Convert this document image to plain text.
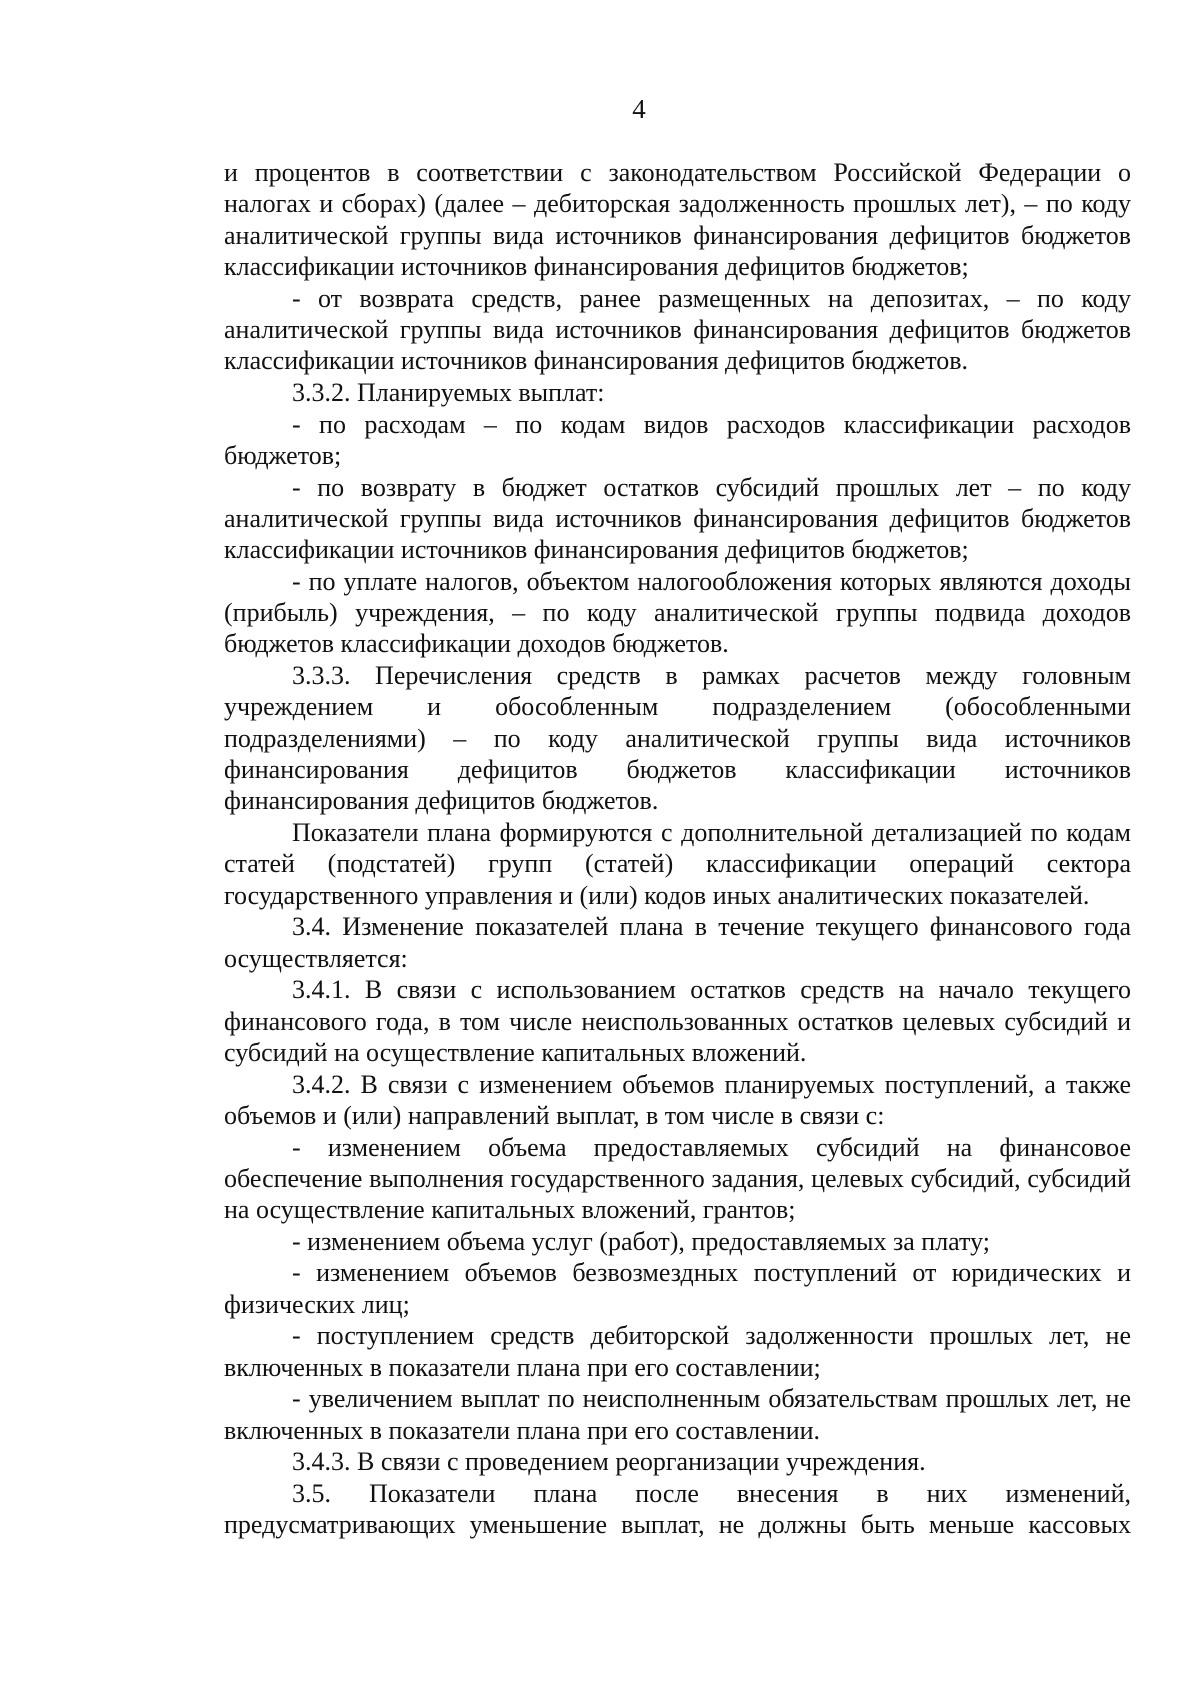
4

и процентов в соответствии с законодательством Российской Федерации о налогах и сборах) (далее – дебиторская задолженность прошлых лет), – по коду аналитической группы вида источников финансирования дефицитов бюджетов классификации источников финансирования дефицитов бюджетов;

- от возврата средств, ранее размещенных на депозитах, – по коду аналитической группы вида источников финансирования дефицитов бюджетов классификации источников финансирования дефицитов бюджетов.

3.3.2. Планируемых выплат:

- по расходам – по кодам видов расходов классификации расходов бюджетов;

- по возврату в бюджет остатков субсидий прошлых лет – по коду аналитической группы вида источников финансирования дефицитов бюджетов классификации источников финансирования дефицитов бюджетов;

- по уплате налогов, объектом налогообложения которых являются доходы (прибыль) учреждения, – по коду аналитической группы подвида доходов бюджетов классификации доходов бюджетов.

3.3.3. Перечисления средств в рамках расчетов между головным учреждением и обособленным подразделением (обособленными подразделениями) – по коду аналитической группы вида источников финансирования дефицитов бюджетов классификации источников финансирования дефицитов бюджетов.

Показатели плана формируются с дополнительной детализацией по кодам статей (подстатей) групп (статей) классификации операций сектора государственного управления и (или) кодов иных аналитических показателей.

3.4. Изменение показателей плана в течение текущего финансового года осуществляется:

3.4.1. В связи с использованием остатков средств на начало текущего финансового года, в том числе неиспользованных остатков целевых субсидий и субсидий на осуществление капитальных вложений.

3.4.2. В связи с изменением объемов планируемых поступлений, а также объемов и (или) направлений выплат, в том числе в связи с:

- изменением объема предоставляемых субсидий на финансовое обеспечение выполнения государственного задания, целевых субсидий, субсидий на осуществление капитальных вложений, грантов;

- изменением объема услуг (работ), предоставляемых за плату;

- изменением объемов безвозмездных поступлений от юридических и физических лиц;

- поступлением средств дебиторской задолженности прошлых лет, не включенных в показатели плана при его составлении;

- увеличением выплат по неисполненным обязательствам прошлых лет, не включенных в показатели плана при его составлении.

3.4.3. В связи с проведением реорганизации учреждения.

3.5. Показатели плана после внесения в них изменений, предусматривающих уменьшение выплат, не должны быть меньше кассовых
